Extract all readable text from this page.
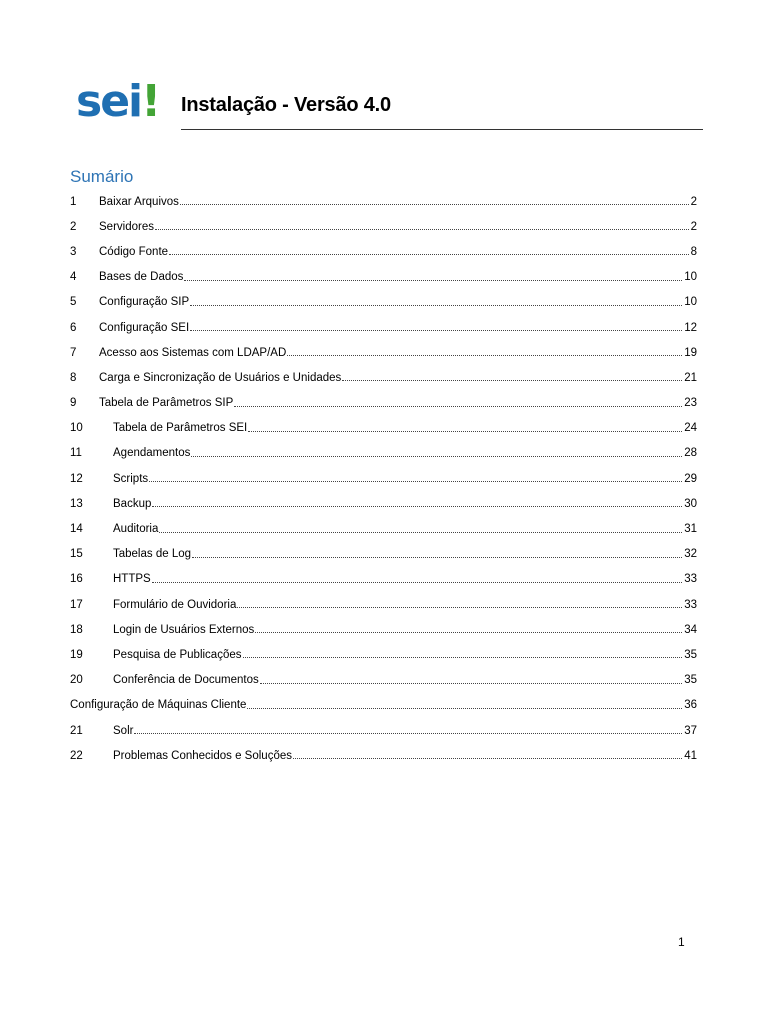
sei! Instalação - Versão 4.0
Sumário
1	Baixar Arquivos	2
2	Servidores	2
3	Código Fonte	8
4	Bases de Dados	10
5	Configuração SIP	10
6	Configuração SEI	12
7	Acesso aos Sistemas com LDAP/AD	19
8	Carga e Sincronização de Usuários e Unidades	21
9	Tabela de Parâmetros SIP	23
10	Tabela de Parâmetros SEI	24
11	Agendamentos	28
12	Scripts	29
13	Backup	30
14	Auditoria	31
15	Tabelas de Log	32
16	HTTPS	33
17	Formulário de Ouvidoria	33
18	Login de Usuários Externos	34
19	Pesquisa de Publicações	35
20	Conferência de Documentos	35
Configuração de Máquinas Cliente	36
21	Solr	37
22	Problemas Conhecidos e Soluções	41
1
